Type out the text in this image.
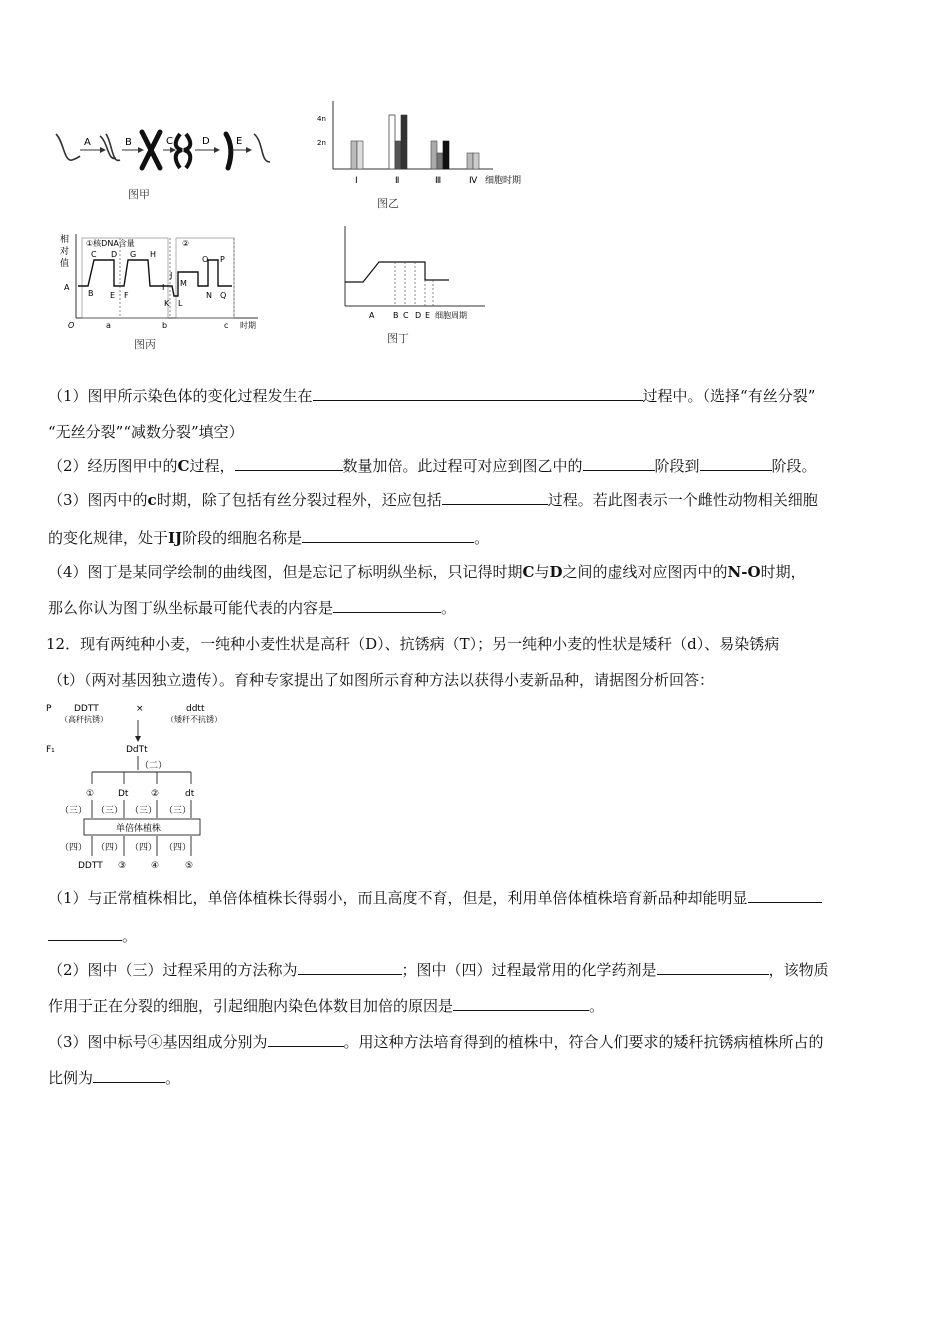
A	B	C	D	E
图甲
4n
2n
Ⅰ	Ⅱ	Ⅲ	Ⅳ 细胞时期
图乙
相
对
值
①核DNA含量	②
A
B
C D
E F
G H
I
J
K L
M
N
O P
Q
O	a	b	c 时期
图丙
A B C D E 细胞周期
图丁
（1）图甲所示染色体的变化过程发生在	过程中。（选择“有丝分裂”
“无丝分裂”“减数分裂”填空）
（2）经历图甲中的C过程，	数量加倍。此过程可对应到图乙中的	阶段到	阶段。
（3）图丙中的c时期，除了包括有丝分裂过程外，还应包括	过程。若此图表示一个雌性动物相关细胞
的变化规律，处于IJ阶段的细胞名称是	。
（4）图丁是某同学绘制的曲线图，但是忘记了标明纵坐标，只记得时期C与D之间的虚线对应图丙中的N-O时期，
那么你认为图丁纵坐标最可能代表的内容是	。
12．现有两纯种小麦，一纯种小麦性状是高秆（D）、抗锈病（T）；另一纯种小麦的性状是矮秆（d）、易染锈病
（t）（两对基因独立遗传）。育种专家提出了如图所示育种方法以获得小麦新品种，请据图分析回答：
P	DDTT
（高秆抗锈）
×	ddtt
（矮秆不抗锈）
F₁	DdTt
（二）
①	Dt	②	dt
（三） （三） （三） （三）
单倍体植株
（四） （四） （四） （四）
DDTT ③	④	⑤
（1）与正常植株相比，单倍体植株长得弱小，而且高度不育，但是，利用单倍体植株培育新品种却能明显
。
（2）图中（三）过程采用的方法称为	；图中（四）过程最常用的化学药剂是	，该物质
作用于正在分裂的细胞，引起细胞内染色体数目加倍的原因是	。
（3）图中标号④基因组成分别为	。用这种方法培育得到的植株中，符合人们要求的矮秆抗锈病植株所占的
比例为	。
